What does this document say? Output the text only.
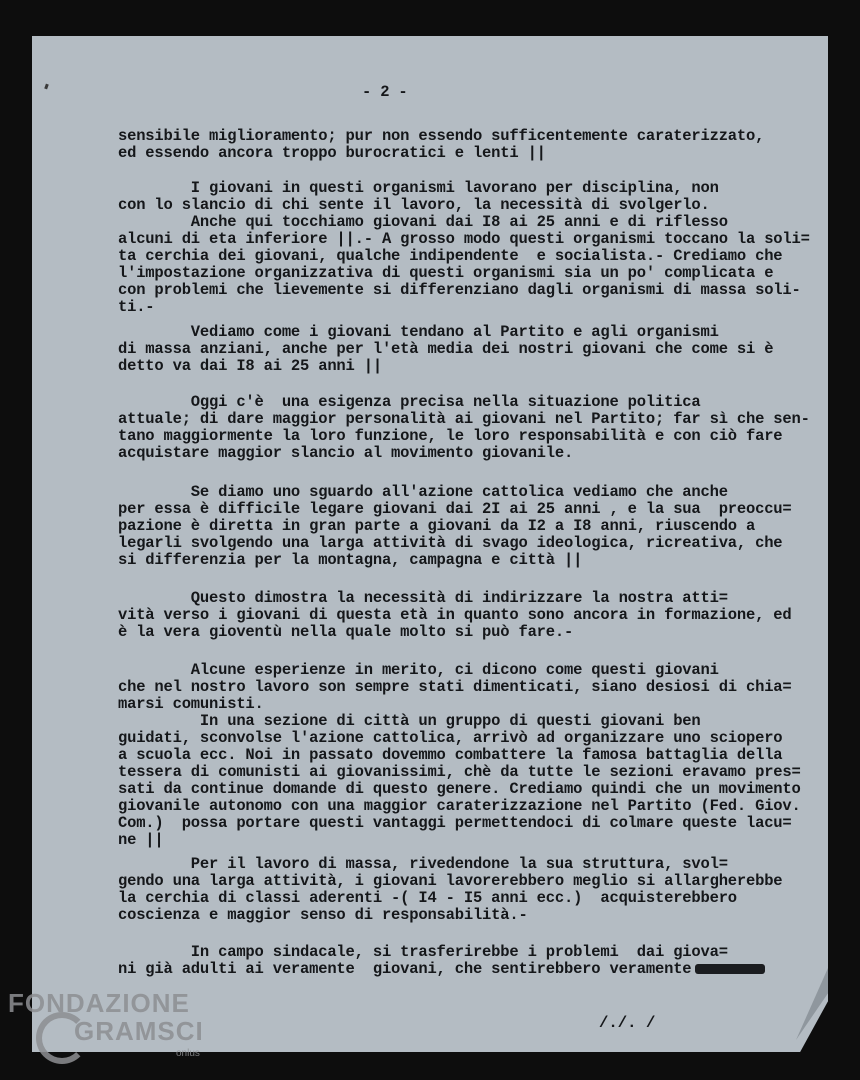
- 2 -
sensibile miglioramento; pur non essendo sufficentemente caraterizzato,
ed essendo ancora troppo burocratici e lenti ||
I giovani in questi organismi lavorano per disciplina, non
con lo slancio di chi sente il lavoro, la necessità di svolgerlo.
Anche qui tocchiamo giovani dai I8 ai 25 anni e di riflesso
alcuni di eta inferiore ||.- A grosso modo questi organismi toccano la soli=
ta cerchia dei giovani, qualche indipendente  e socialista.- Crediamo che
l'impostazione organizzativa di questi organismi sia un po' complicata e
con problemi che lievemente si differenziano dagli organismi di massa soli-
ti.-
Vediamo come i giovani tendano al Partito e agli organismi
di massa anziani, anche per l'età media dei nostri giovani che come si è
detto va dai I8 ai 25 anni ||
Oggi c'è  una esigenza precisa nella situazione politica
attuale; di dare maggior personalità ai giovani nel Partito; far sì che sen-
tano maggiormente la loro funzione, le loro responsabilità e con ciò fare
acquistare maggior slancio al movimento giovanile.
Se diamo uno sguardo all'azione cattolica vediamo che anche
per essa è difficile legare giovani dai 2I ai 25 anni , e la sua  preoccu=
pazione è diretta in gran parte a giovani da I2 a I8 anni, riuscendo a
legarli svolgendo una larga attività di svago ideologica, ricreativa, che
si differenzia per la montagna, campagna e città ||
Questo dimostra la necessità di indirizzare la nostra atti=
vità verso i giovani di questa età in quanto sono ancora in formazione, ed
è la vera gioventù nella quale molto si può fare.-
Alcune esperienze in merito, ci dicono come questi giovani
che nel nostro lavoro son sempre stati dimenticati, siano desiosi di chia=
marsi comunisti.
In una sezione di città un gruppo di questi giovani ben
guidati, sconvolse l'azione cattolica, arrivò ad organizzare uno sciopero
a scuola ecc. Noi in passato dovemmo combattere la famosa battaglia della
tessera di comunisti ai giovanissimi, chè da tutte le sezioni eravamo pres=
sati da continue domande di questo genere. Crediamo quindi che un movimento
giovanile autonomo con una maggior caraterizzazione nel Partito (Fed. Giov.
Com.)  possa portare questi vantaggi permettendoci di colmare queste lacu=
ne ||
Per il lavoro di massa, rivedendone la sua struttura, svol=
gendo una larga attività, i giovani lavorerebbero meglio si allargherebbe
la cerchia di classi aderenti -( I4 - I5 anni ecc.)  acquisterebbero
coscienza e maggior senso di responsabilità.-
In campo sindacale, si trasferirebbe i problemi  dai giova=
ni già adulti ai veramente  giovani, che sentirebbero veramente

/./. /

FONDAZIONE
GRAMSCI
onlus
